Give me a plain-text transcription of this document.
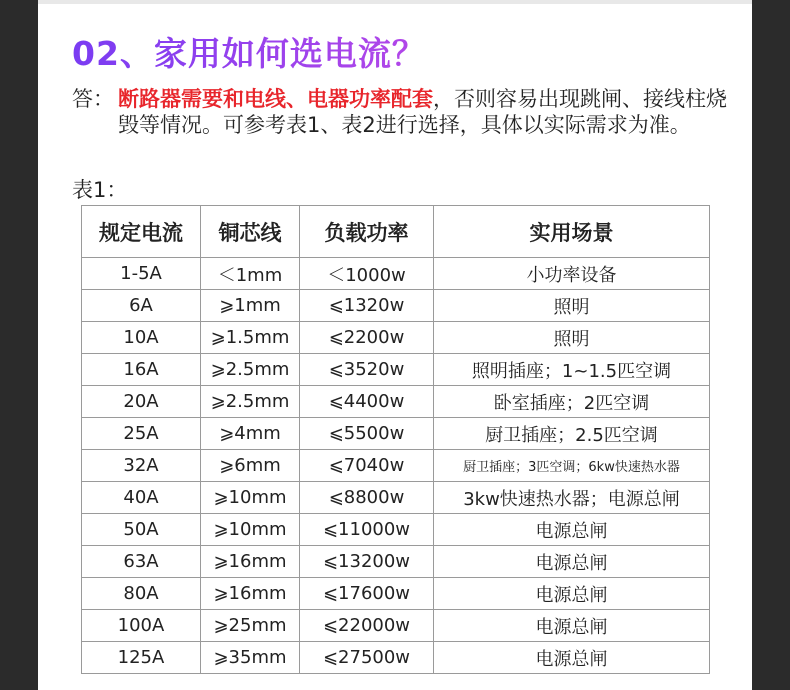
02、家用如何选电流？
答： 断路器需要和电线、电器功率配套，否则容易出现跳闸、接线柱烧毁等情况。可参考表1、表2进行选择，具体以实际需求为准。
表1：
规定电流	铜芯线	负载功率	实用场景
1-5A	＜1mm	＜1000w	小功率设备
6A	⩾1mm	⩽1320w	照明
10A	⩾1.5mm	⩽2200w	照明
16A	⩾2.5mm	⩽3520w	照明插座；1~1.5匹空调
20A	⩾2.5mm	⩽4400w	卧室插座；2匹空调
25A	⩾4mm	⩽5500w	厨卫插座；2.5匹空调
32A	⩾6mm	⩽7040w	厨卫插座；3匹空调；6kw快速热水器
40A	⩾10mm	⩽8800w	3kw快速热水器；电源总闸
50A	⩾10mm	⩽11000w	电源总闸
63A	⩾16mm	⩽13200w	电源总闸
80A	⩾16mm	⩽17600w	电源总闸
100A	⩾25mm	⩽22000w	电源总闸
125A	⩾35mm	⩽27500w	电源总闸
